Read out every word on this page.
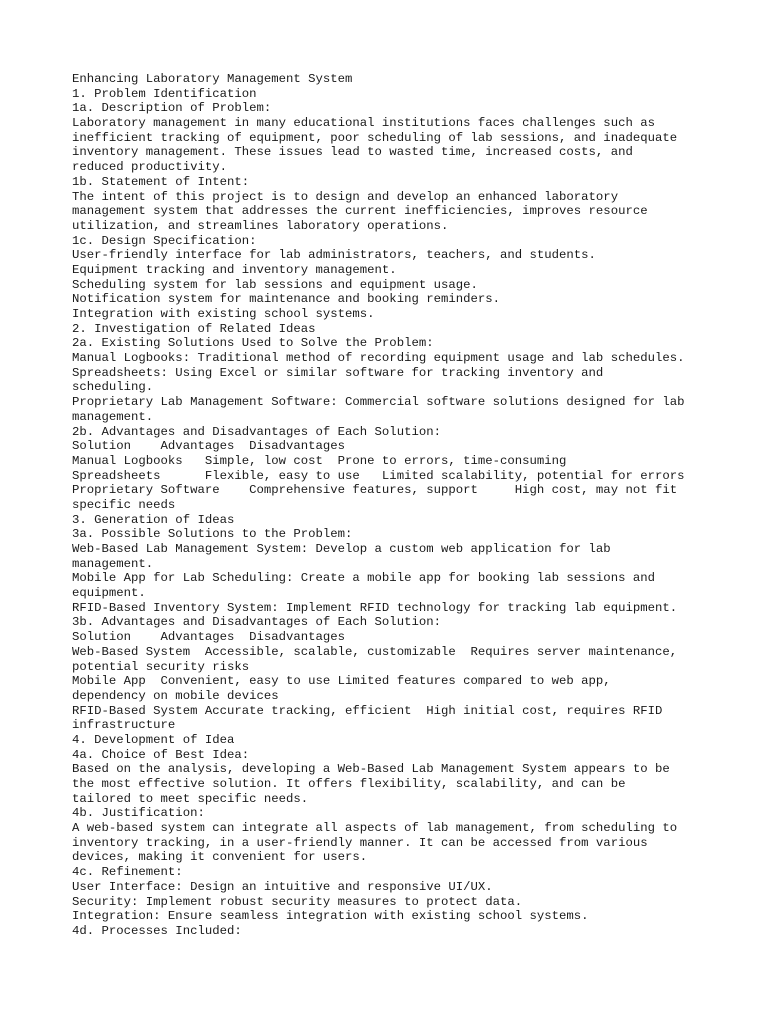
Enhancing Laboratory Management System
1. Problem Identification
1a. Description of Problem:
Laboratory management in many educational institutions faces challenges such as
inefficient tracking of equipment, poor scheduling of lab sessions, and inadequate
inventory management. These issues lead to wasted time, increased costs, and
reduced productivity.
1b. Statement of Intent:
The intent of this project is to design and develop an enhanced laboratory
management system that addresses the current inefficiencies, improves resource
utilization, and streamlines laboratory operations.
1c. Design Specification:
User-friendly interface for lab administrators, teachers, and students.
Equipment tracking and inventory management.
Scheduling system for lab sessions and equipment usage.
Notification system for maintenance and booking reminders.
Integration with existing school systems.
2. Investigation of Related Ideas
2a. Existing Solutions Used to Solve the Problem:
Manual Logbooks: Traditional method of recording equipment usage and lab schedules.
Spreadsheets: Using Excel or similar software for tracking inventory and
scheduling.
Proprietary Lab Management Software: Commercial software solutions designed for lab
management.
2b. Advantages and Disadvantages of Each Solution:
Solution    Advantages  Disadvantages
Manual Logbooks   Simple, low cost  Prone to errors, time-consuming
Spreadsheets      Flexible, easy to use   Limited scalability, potential for errors
Proprietary Software    Comprehensive features, support     High cost, may not fit
specific needs
3. Generation of Ideas
3a. Possible Solutions to the Problem:
Web-Based Lab Management System: Develop a custom web application for lab
management.
Mobile App for Lab Scheduling: Create a mobile app for booking lab sessions and
equipment.
RFID-Based Inventory System: Implement RFID technology for tracking lab equipment.
3b. Advantages and Disadvantages of Each Solution:
Solution    Advantages  Disadvantages
Web-Based System  Accessible, scalable, customizable  Requires server maintenance,
potential security risks
Mobile App  Convenient, easy to use Limited features compared to web app,
dependency on mobile devices
RFID-Based System Accurate tracking, efficient  High initial cost, requires RFID
infrastructure
4. Development of Idea
4a. Choice of Best Idea:
Based on the analysis, developing a Web-Based Lab Management System appears to be
the most effective solution. It offers flexibility, scalability, and can be
tailored to meet specific needs.
4b. Justification:
A web-based system can integrate all aspects of lab management, from scheduling to
inventory tracking, in a user-friendly manner. It can be accessed from various
devices, making it convenient for users.
4c. Refinement:
User Interface: Design an intuitive and responsive UI/UX.
Security: Implement robust security measures to protect data.
Integration: Ensure seamless integration with existing school systems.
4d. Processes Included:
